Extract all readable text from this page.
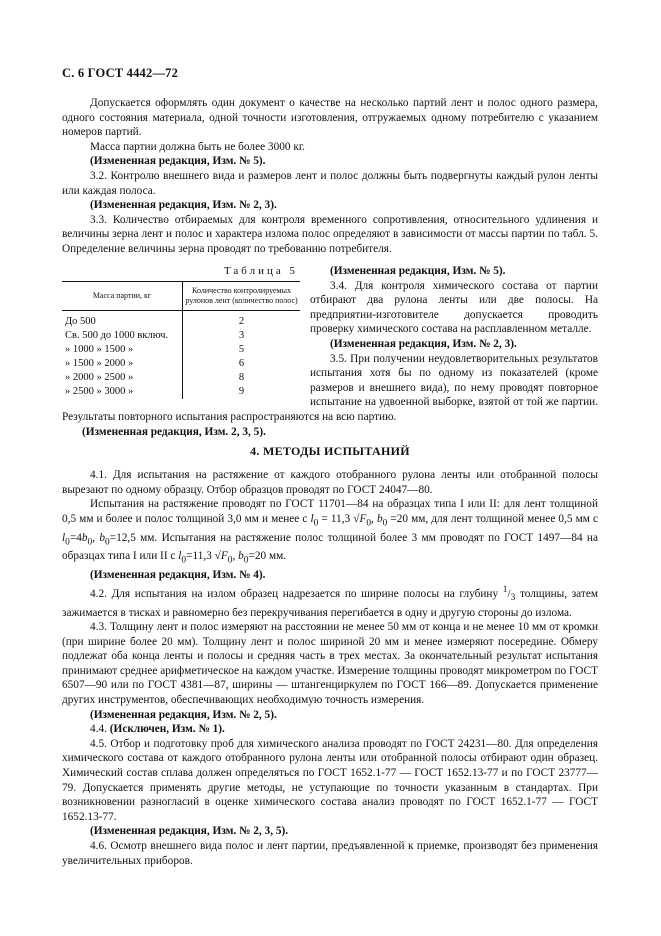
С. 6 ГОСТ 4442—72

Допускается оформлять один документ о качестве на несколько партий лент и полос одного размера, одного состояния материала, одной точности изготовления, отгружаемых одному потребителю с указанием номеров партий.

Масса партии должна быть не более 3000 кг.

(Измененная редакция, Изм. № 5).

3.2. Контролю внешнего вида и размеров лент и полос должны быть подвергнуты каждый рулон ленты или каждая полоса.

(Измененная редакция, Изм. № 2, 3).

3.3. Количество отбираемых для контроля временного сопротивления, относительного удлинения и величины зерна лент и полос и характера излома полос определяют в зависимости от массы партии по табл. 5. Определение величины зерна проводят по требованию потребителя.

Таблица 5
Масса партии, кг	Количество контролируемых рулонов лент (количество полос)
До 500	2
Св. 500 до 1000 включ.	3
» 1000 » 1500 »	5
» 1500 » 2000 »	6
» 2000 » 2500 »	8
» 2500 » 3000 »	9

(Измененная редакция, Изм. № 5).

3.4. Для контроля химического состава от партии отбирают два рулона ленты или две полосы. На предприятии-изготовителе допускается проводить проверку химического состава на расплавленном металле.

(Измененная редакция, Изм. № 2, 3).

3.5. При получении неудовлетворительных результатов испытания хотя бы по одному из показателей (кроме размеров и внешнего вида), по нему проводят повторное испытание на удвоенной выборке, взятой от той же партии. Результаты повторного испытания распространяются на всю партию.

(Измененная редакция, Изм. 2, 3, 5).

4. МЕТОДЫ ИСПЫТАНИЙ

4.1. Для испытания на растяжение от каждого отобранного рулона ленты или отобранной полосы вырезают по одному образцу. Отбор образцов проводят по ГОСТ 24047—80.

Испытания на растяжение проводят по ГОСТ 11701—84 на образцах типа I или II: для лент толщиной 0,5 мм и более и полос толщиной 3,0 мм и менее с $l_0 = 11,3$ $√F_0$, $b_0 =20$ мм, для лент толщиной менее 0,5 мм с $l_0=4b_0$, $b_0=12,5$ мм. Испытания на растяжение полос толщиной более 3 мм проводят по ГОСТ 1497—84 на образцах типа I или II с $l_0=11,3$ $√F_0$, $b_0=20$ мм.

(Измененная редакция, Изм. № 4).

4.2. Для испытания на излом образец надрезается по ширине полосы на глубину $^1/_3$ толщины, затем зажимается в тисках и равномерно без перекручивания перегибается в одну и другую стороны до излома.

4.3. Толщину лент и полос измеряют на расстоянии не менее 50 мм от конца и не менее 10 мм от кромки (при ширине более 20 мм). Толщину лент и полос шириной 20 мм и менее измеряют посередине. Обмеру подлежат оба конца ленты и полосы и средняя часть в трех местах. За окончательный результат испытания принимают среднее арифметическое на каждом участке. Измерение толщины проводят микрометром по ГОСТ 6507—90 или по ГОСТ 4381—87, ширины — штангенциркулем по ГОСТ 166—89. Допускается применение других инструментов, обеспечивающих необходимую точность измерения.

(Измененная редакция, Изм. № 2, 5).

4.4. (Исключен, Изм. № 1).

4.5. Отбор и подготовку проб для химического анализа проводят по ГОСТ 24231—80. Для определения химического состава от каждого отобранного рулона ленты или отобранной полосы отбирают один образец. Химический состав сплава должен определяться по ГОСТ 1652.1-77 — ГОСТ 1652.13-77 и по ГОСТ 23777—79. Допускается применять другие методы, не уступающие по точности указанным в стандартах. При возникновении разногласий в оценке химического состава анализ проводят по ГОСТ 1652.1-77 — ГОСТ 1652.13-77.

(Измененная редакция, Изм. № 2, 3, 5).

4.6. Осмотр внешнего вида полос и лент партии, предъявленной к приемке, производят без применения увеличительных приборов.
